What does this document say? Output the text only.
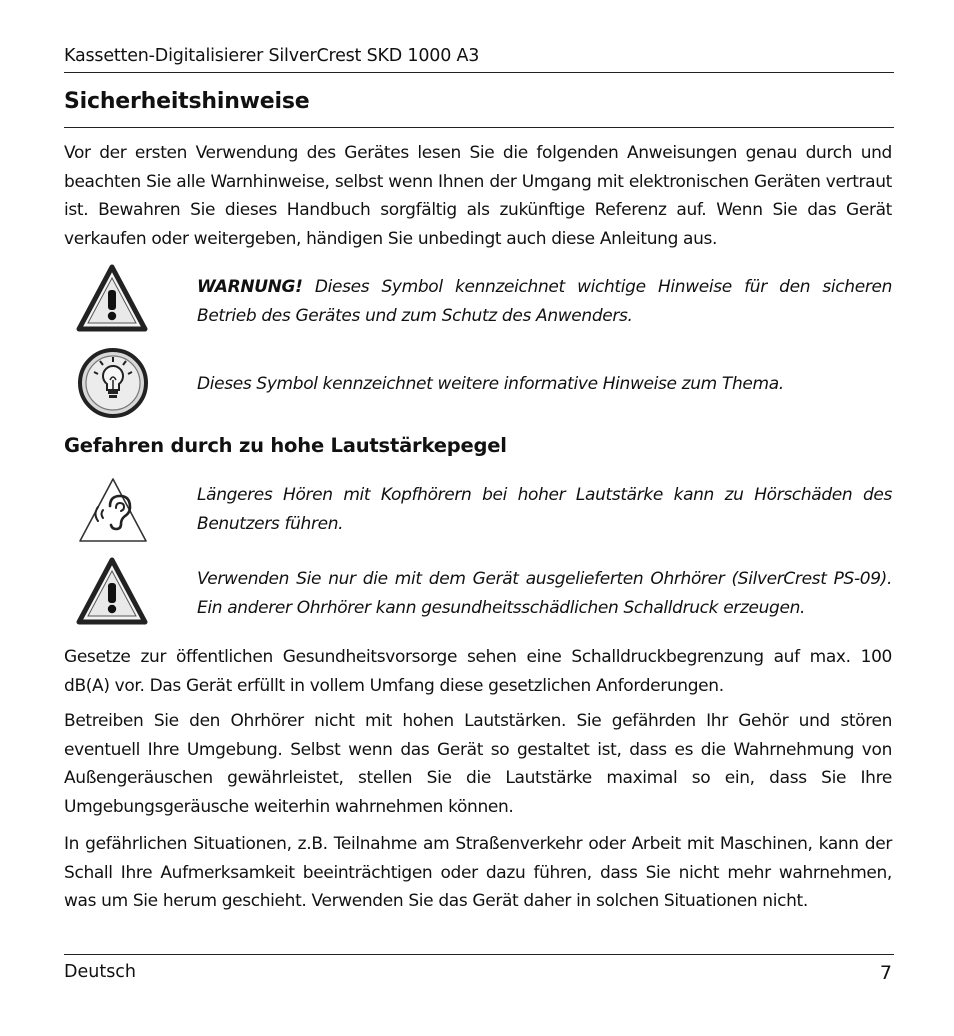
Kassetten-Digitalisierer SilverCrest SKD 1000 A3
Sicherheitshinweise
Vor der ersten Verwendung des Gerätes lesen Sie die folgenden Anweisungen genau durch und beachten Sie alle Warnhinweise, selbst wenn Ihnen der Umgang mit elektronischen Geräten vertraut ist. Bewahren Sie dieses Handbuch sorgfältig als zukünftige Referenz auf. Wenn Sie das Gerät verkaufen oder weitergeben, händigen Sie unbedingt auch diese Anleitung aus.
WARNUNG! Dieses Symbol kennzeichnet wichtige Hinweise für den sicheren Betrieb des Gerätes und zum Schutz des Anwenders.
Dieses Symbol kennzeichnet weitere informative Hinweise zum Thema.
Gefahren durch zu hohe Lautstärkepegel
Längeres Hören mit Kopfhörern bei hoher Lautstärke kann zu Hörschäden des Benutzers führen.
Verwenden Sie nur die mit dem Gerät ausgelieferten Ohrhörer (SilverCrest PS-09). Ein anderer Ohrhörer kann gesundheitsschädlichen Schalldruck erzeugen.
Gesetze zur öffentlichen Gesundheitsvorsorge sehen eine Schalldruckbegrenzung auf max. 100 dB(A) vor. Das Gerät erfüllt in vollem Umfang diese gesetzlichen Anforderungen.
Betreiben Sie den Ohrhörer nicht mit hohen Lautstärken. Sie gefährden Ihr Gehör und stören eventuell Ihre Umgebung. Selbst wenn das Gerät so gestaltet ist, dass es die Wahrnehmung von Außengeräuschen gewährleistet, stellen Sie die Lautstärke maximal so ein, dass Sie Ihre Umgebungsgeräusche weiterhin wahrnehmen können.
In gefährlichen Situationen, z.B. Teilnahme am Straßenverkehr oder Arbeit mit Maschinen, kann der Schall Ihre Aufmerksamkeit beeinträchtigen oder dazu führen, dass Sie nicht mehr wahrnehmen, was um Sie herum geschieht. Verwenden Sie das Gerät daher in solchen Situationen nicht.
Deutsch	7
